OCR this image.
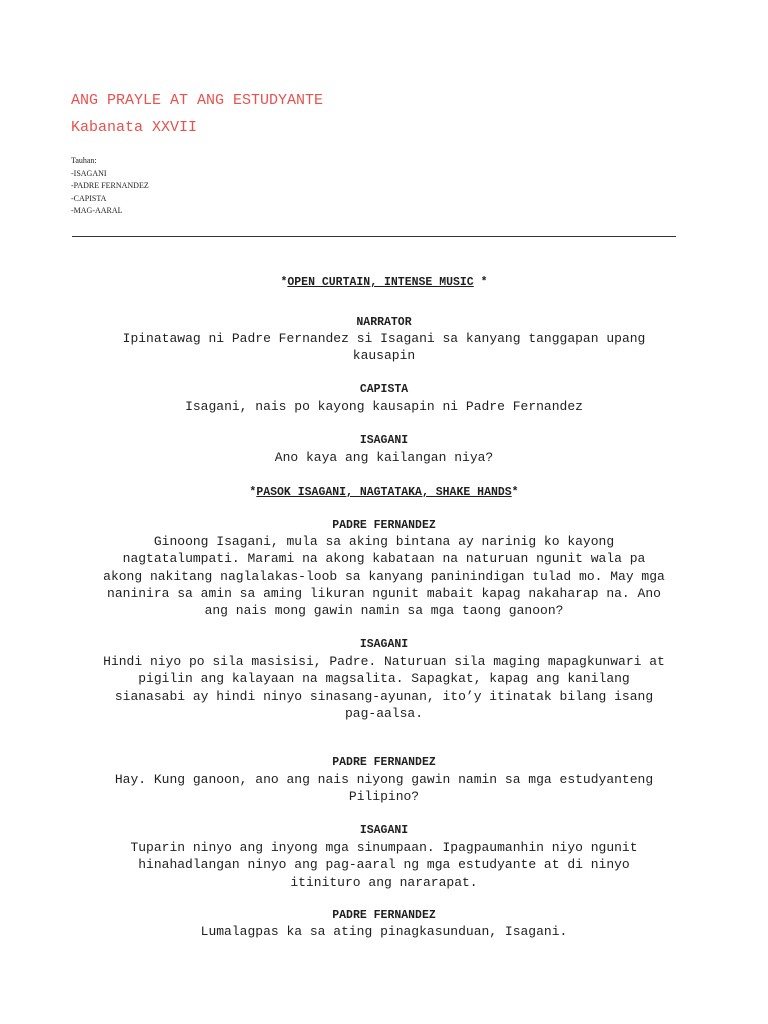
ANG PRAYLE AT ANG ESTUDYANTE
Kabanata XXVII
Tauhan:
-ISAGANI
-PADRE FERNANDEZ
-CAPISTA
-MAG-AARAL
*OPEN CURTAIN, INTENSE MUSIC *
NARRATOR

Ipinatawag ni Padre Fernandez si Isagani sa kanyang tanggapan upang

kausapin

CAPISTA

Isagani, nais po kayong kausapin ni Padre Fernandez

ISAGANI

Ano kaya ang kailangan niya?

*PASOK ISAGANI, NAGTATAKA, SHAKE HANDS*
PADRE FERNANDEZ

Ginoong Isagani, mula sa aking bintana ay narinig ko kayong

nagtatalumpati. Marami na akong kabataan na naturuan ngunit wala pa

akong nakitang naglalakas-loob sa kanyang paninindigan tulad mo. May mga

naninira sa amin sa aming likuran ngunit mabait kapag nakaharap na. Ano

ang nais mong gawin namin sa mga taong ganoon?

ISAGANI

Hindi niyo po sila masisisi, Padre. Naturuan sila maging mapagkunwari at

pigilin ang kalayaan na magsalita. Sapagkat, kapag ang kanilang

sianasabi ay hindi ninyo sinasang-ayunan, ito’y itinatak bilang isang

pag-aalsa.

PADRE FERNANDEZ

Hay. Kung ganoon, ano ang nais niyong gawin namin sa mga estudyanteng

Pilipino?

ISAGANI

Tuparin ninyo ang inyong mga sinumpaan. Ipagpaumanhin niyo ngunit

hinahadlangan ninyo ang pag-aaral ng mga estudyante at di ninyo

itinituro ang nararapat.

PADRE FERNANDEZ

Lumalagpas ka sa ating pinagkasunduan, Isagani.
